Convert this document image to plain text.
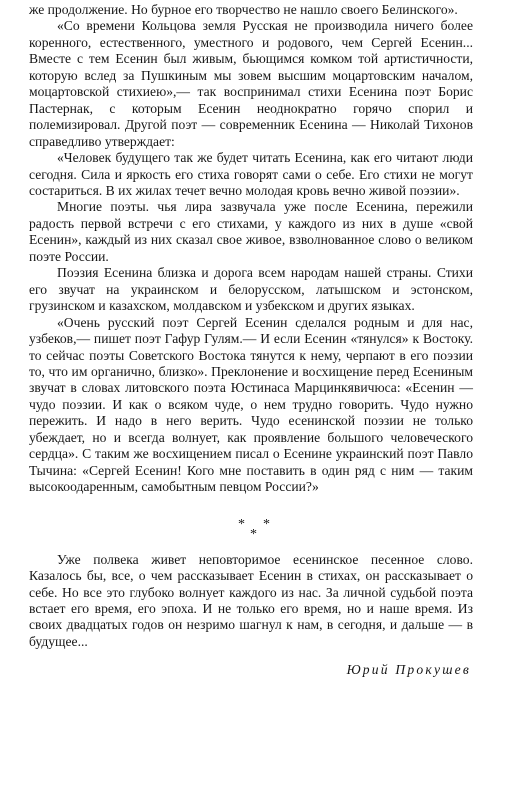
же продолжение. Но бурное его творчество не нашло своего Белинского».

«Со времени Кольцова земля Русская не производила ничего более коренного, естественного, уместного и родового, чем Сергей Есенин... Вместе с тем Есенин был живым, бьющимся комком той артистичности, которую вслед за Пушкиным мы зовем высшим моцартовским началом, моцартовской стихиею»,— так воспринимал стихи Есенина поэт Борис Пастернак, с которым Есенин неоднократно горячо спорил и полемизировал. Другой поэт — современник Есенина — Николай Тихонов справедливо утверждает:

«Человек будущего так же будет читать Есенина, как его читают люди сегодня. Сила и яркость его стиха говорят сами о себе. Его стихи не могут состариться. В их жилах течет вечно молодая кровь вечно живой поэзии».

Многие поэты. чья лира зазвучала уже после Есенина, пережили радость первой встречи с его стихами, у каждого из них в душе «свой Есенин», каждый из них сказал свое живое, взволнованное слово о великом поэте России.

Поэзия Есенина близка и дорога всем народам нашей страны. Стихи его звучат на украинском и белорусском, латышском и эстонском, грузинском и казахском, молдавском и узбекском и других языках.

«Очень русский поэт Сергей Есенин сделался родным и для нас, узбеков,— пишет поэт Гафур Гулям.— И если Есенин «тянулся» к Востоку. то сейчас поэты Советского Востока тянутся к нему, черпают в его поэзии то, что им органично, близко». Преклонение и восхищение перед Есениным звучат в словах литовского поэта Юстинаса Марцинкявичюса: «Есенин — чудо поэзии. И как о всяком чуде, о нем трудно говорить. Чудо нужно пережить. И надо в него верить. Чудо есенинской поэзии не только убеждает, но и всегда волнует, как проявление большого человеческого сердца». С таким же восхищением писал о Есенине украинский поэт Павло Тычина: «Сергей Есенин! Кого мне поставить в один ряд с ним — таким высокоодаренным, самобытным певцом России?»

* *
*

Уже полвека живет неповторимое есенинское песенное слово. Казалось бы, все, о чем рассказывает Есенин в стихах, он рассказывает о себе. Но все это глубоко волнует каждого из нас. За личной судьбой поэта встает его время, его эпоха. И не только его время, но и наше время. Из своих двадцатых годов он незримо шагнул к нам, в сегодня, и дальше — в будущее...

Юрий Прокушев
